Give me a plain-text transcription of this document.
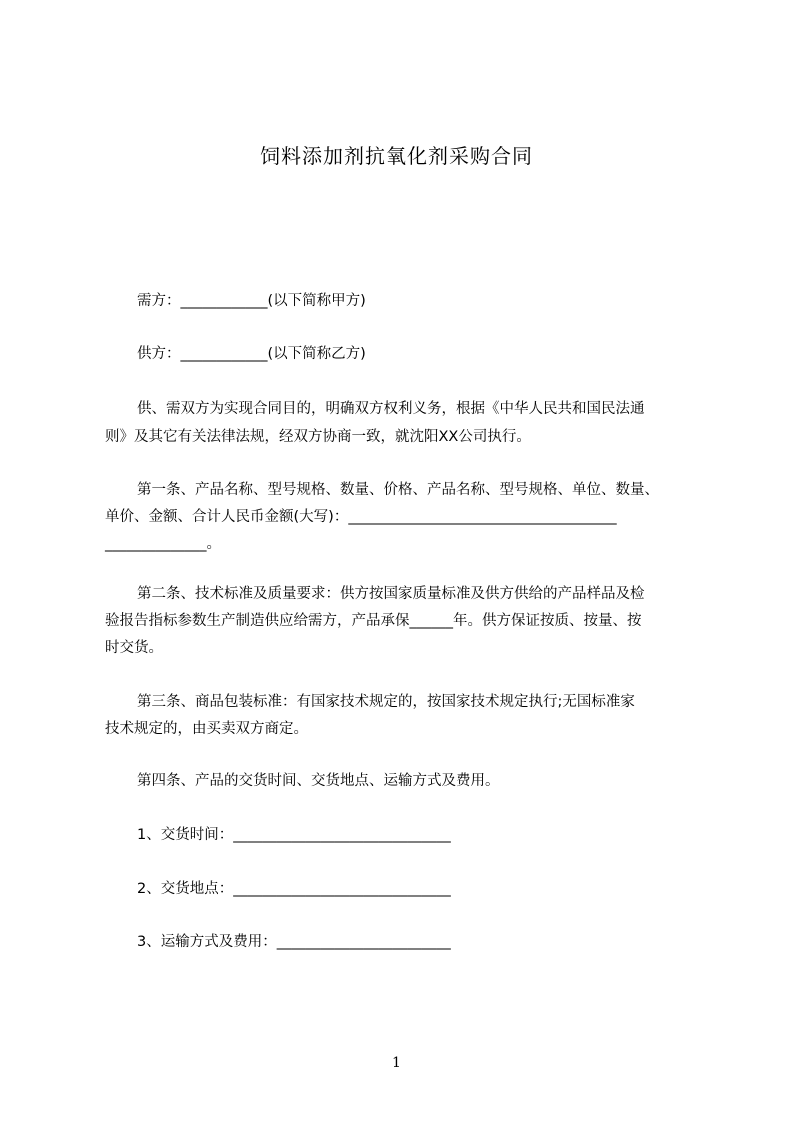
饲料添加剂抗氧化剂采购合同
需方：____________(以下简称甲方)
供方：____________(以下简称乙方)
供、需双方为实现合同目的，明确双方权利义务，根据《中华人民共和国民法通
则》及其它有关法律法规，经双方协商一致，就沈阳XX公司执行。
第一条、产品名称、型号规格、数量、价格、产品名称、型号规格、单位、数量、
单价、金额、合计人民币金额(大写)：_____________________________________
______________。
第二条、技术标准及质量要求：供方按国家质量标准及供方供给的产品样品及检
验报告指标参数生产制造供应给需方，产品承保______年。供方保证按质、按量、按
时交货。
第三条、商品包装标准：有国家技术规定的，按国家技术规定执行;无国标准家
技术规定的，由买卖双方商定。
第四条、产品的交货时间、交货地点、运输方式及费用。
1、交货时间：______________________________
2、交货地点：______________________________
3、运输方式及费用：________________________
1
